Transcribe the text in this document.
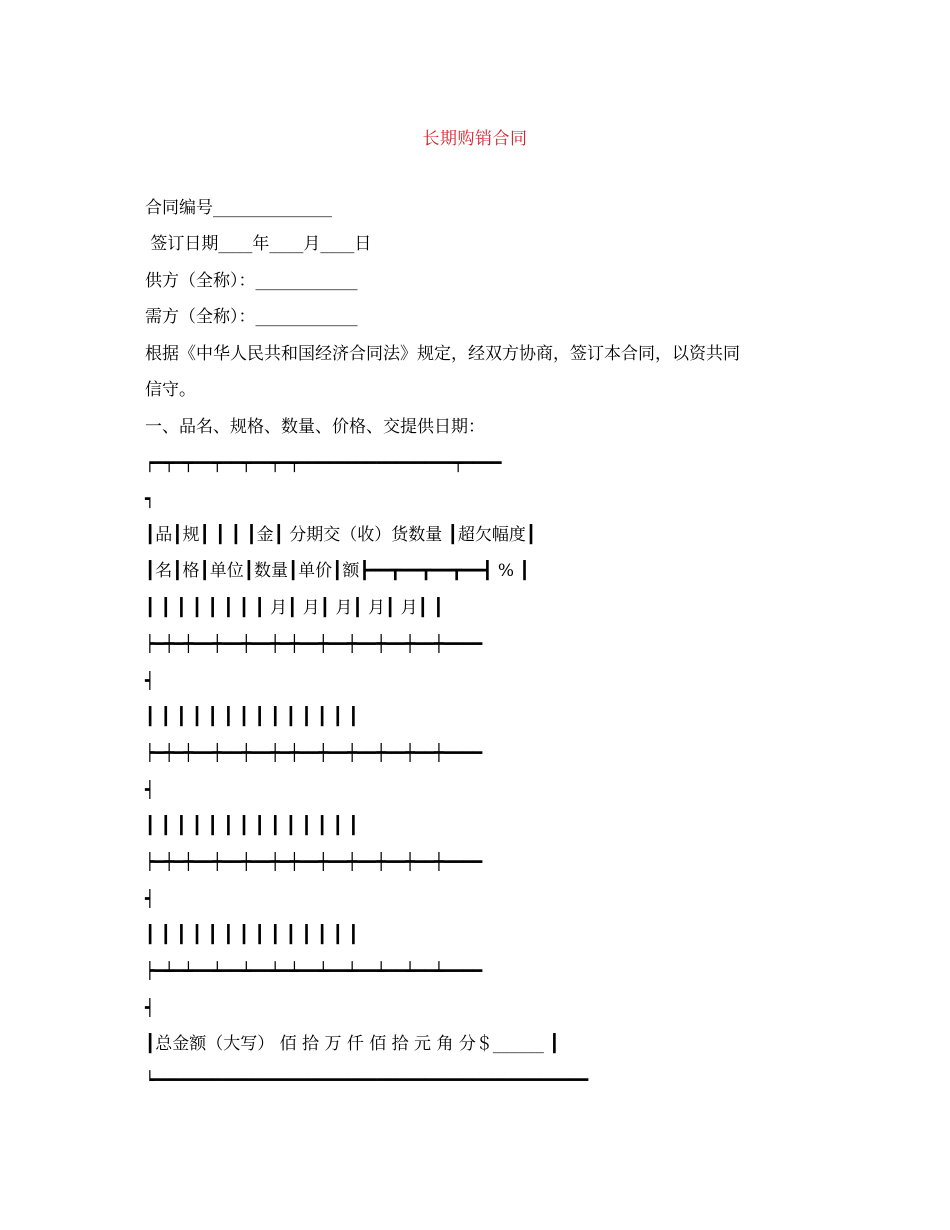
长期购销合同
合同编号______________
签订日期____年____月____日
供方（全称）：____________
需方（全称）：____________
根据《中华人民共和国经济合同法》规定，经双方协商，签订本合同，以资共同
信守。
一、品名、规格、数量、价格、交提供日期：
┍━┯━┯━━┯━━┯━━┯━┯━━━━━━━━━━━━━━━━┯━━━━
┑
┃品┃规┃ ┃ ┃ ┃金┃ 分期交（收）货数量 ┃超欠幅度┃
┃名┃格┃单位┃数量┃单价┃额┣━━┳━━┳━━┳━━┫ % ┃
┃ ┃ ┃ ┃ ┃ ┃ ┃ ┃ 月┃ 月┃ 月┃ 月┃ 月┃ ┃
┝━┿━┿━━┿━━┿━━┿━┿━━┿━━┿━━┿━━┿━━┿━━━━
┥
┃ ┃ ┃ ┃ ┃ ┃ ┃ ┃ ┃ ┃ ┃ ┃ ┃ ┃
┝━┿━┿━━┿━━┿━━┿━┿━━┿━━┿━━┿━━┿━━┿━━━━
┥
┃ ┃ ┃ ┃ ┃ ┃ ┃ ┃ ┃ ┃ ┃ ┃ ┃ ┃
┝━┿━┿━━┿━━┿━━┿━┿━━┿━━┿━━┿━━┿━━┿━━━━
┥
┃ ┃ ┃ ┃ ┃ ┃ ┃ ┃ ┃ ┃ ┃ ┃ ┃ ┃
┝━┷━┷━━┷━━┷━━┷━┷━━┷━━┷━━┷━━┷━━┷━━━━
┥
┃总金额（大写） 佰 拾 万 仟 佰 拾 元 角 分＄______ ┃
┕━━━━━━━━━━━━━━━━━━━━━━━━━━━━━━━━━━━━━━━━━━━━━
